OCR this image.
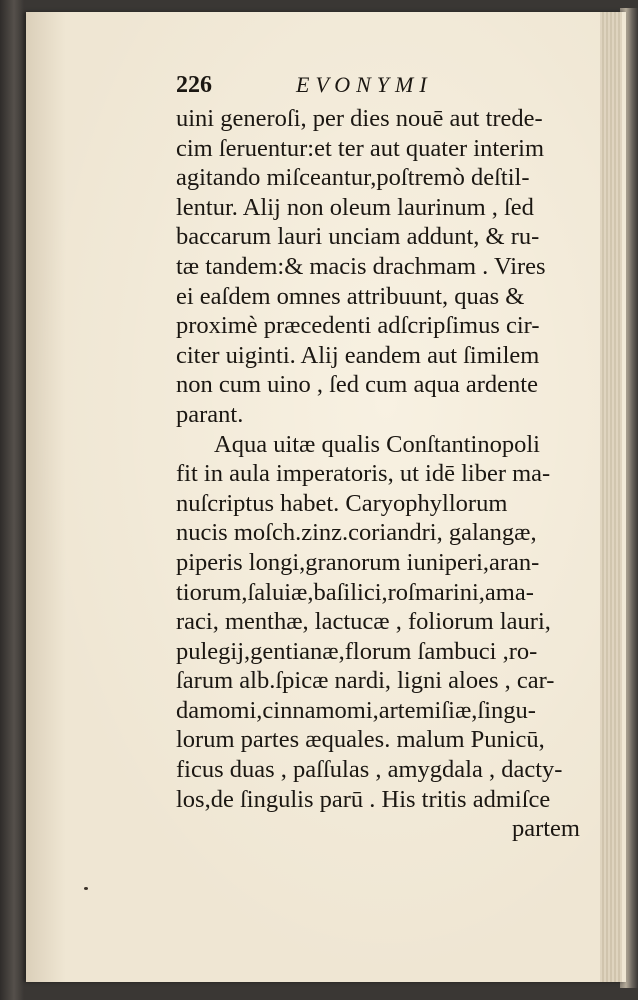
226	EVONYMI
uini generoſi, per dies nouē aut trede-
cim ſeruentur:et ter aut quater interim
agitando miſceantur,poſtremò deſtil-
lentur. Alij non oleum laurinum , ſed
baccarum lauri unciam addunt, & ru-
tæ tandem:& macis drachmam . Vires
ei eaſdem omnes attribuunt, quas &
proximè præcedenti adſcripſimus cir-
citer uiginti. Alij eandem aut ſimilem
non cum uino , ſed cum aqua ardente
parant.
Aqua uitæ qualis Conſtantinopoli
fit in aula imperatoris, ut idē liber ma-
nuſcriptus habet. Caryophyllorum
nucis moſch.zinz.coriandri, galangæ,
piperis longi,granorum iuniperi,aran-
tiorum,ſaluiæ,baſilici,roſmarini,ama-
raci, menthæ, lactucæ , foliorum lauri,
pulegij,gentianæ,florum ſambuci ,ro-
ſarum alb.ſpicæ nardi, ligni aloes , car-
damomi,cinnamomi,artemiſiæ,ſingu-
lorum partes æquales. malum Punicū,
ficus duas , paſſulas , amygdala , dacty-
los,de ſingulis parū . His tritis admiſce
partem
